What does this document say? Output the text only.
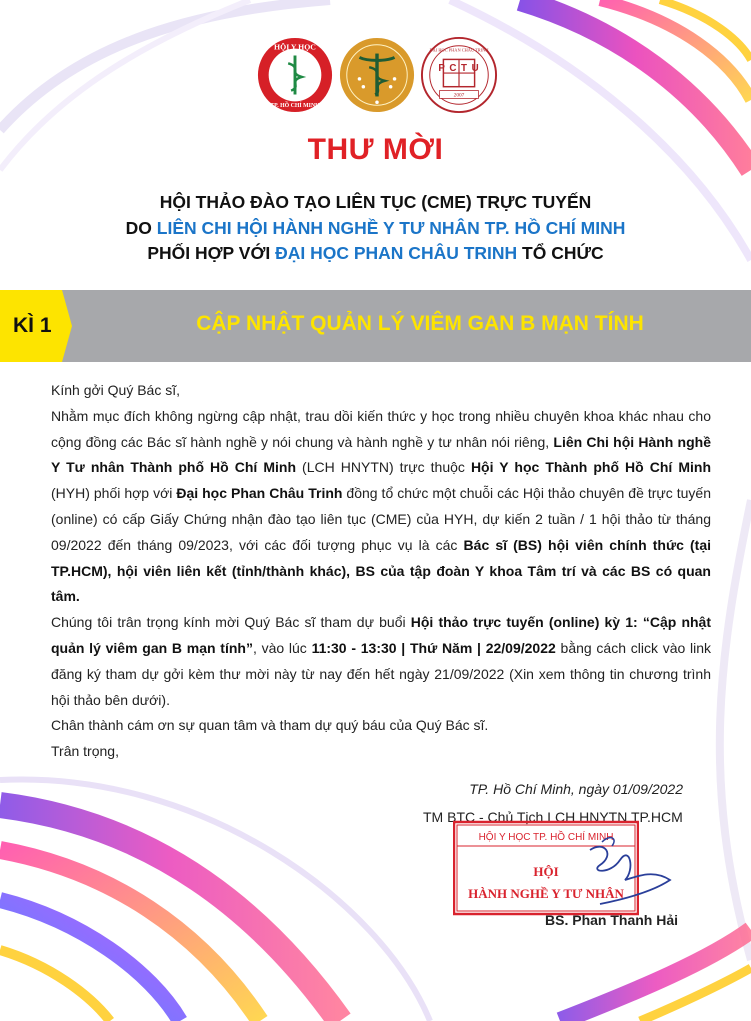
HỘI Y HỌC
TP. HỒ CHÍ MINH
ĐẠI HỌC PHAN CHÂU TRINH
P C T U
2007
THƯ MỜI
HỘI THẢO ĐÀO TẠO LIÊN TỤC (CME) TRỰC TUYẾN
DO LIÊN CHI HỘI HÀNH NGHỀ Y TƯ NHÂN TP. HỒ CHÍ MINH
PHỐI HỢP VỚI ĐẠI HỌC PHAN CHÂU TRINH TỔ CHỨC
KÌ 1	CẬP NHẬT QUẢN LÝ VIÊM GAN B MẠN TÍNH

Kính gởi Quý Bác sĩ,

Nhằm mục đích không ngừng cập nhật, trau dồi kiến thức y học trong nhiều chuyên khoa khác nhau cho cộng đồng các Bác sĩ hành nghề y nói chung và hành nghề y tư nhân nói riêng, Liên Chi hội Hành nghề Y Tư nhân Thành phố Hồ Chí Minh (LCH HNYTN) trực thuộc Hội Y học Thành phố Hồ Chí Minh (HYH) phối hợp với Đại học Phan Châu Trinh đồng tổ chức một chuỗi các Hội thảo chuyên đề trực tuyến (online) có cấp Giấy Chứng nhận đào tạo liên tục (CME) của HYH, dự kiến 2 tuần / 1 hội thảo từ tháng 09/2022 đến tháng 09/2023, với các đối tượng phục vụ là các Bác sĩ (BS) hội viên chính thức (tại TP.HCM), hội viên liên kết (tỉnh/thành khác), BS của tập đoàn Y khoa Tâm trí và các BS có quan tâm.

Chúng tôi trân trọng kính mời Quý Bác sĩ tham dự buổi Hội thảo trực tuyến (online) kỳ 1: “Cập nhật quản lý viêm gan B mạn tính”, vào lúc 11:30 - 13:30 | Thứ Năm | 22/09/2022 bằng cách click vào link đăng ký tham dự gởi kèm thư mời này từ nay đến hết ngày 21/09/2022 (Xin xem thông tin chương trình hội thảo bên dưới).

Chân thành cám ơn sự quan tâm và tham dự quý báu của Quý Bác sĩ.

Trân trọng,

TP. Hồ Chí Minh, ngày 01/09/2022
TM BTC - Chủ Tịch LCH HNYTN TP.HCM
HỘI Y HỌC TP. HỒ CHÍ MINH
HỘI
HÀNH NGHỀ Y TƯ NHÂN
BS. Phan Thanh Hải
